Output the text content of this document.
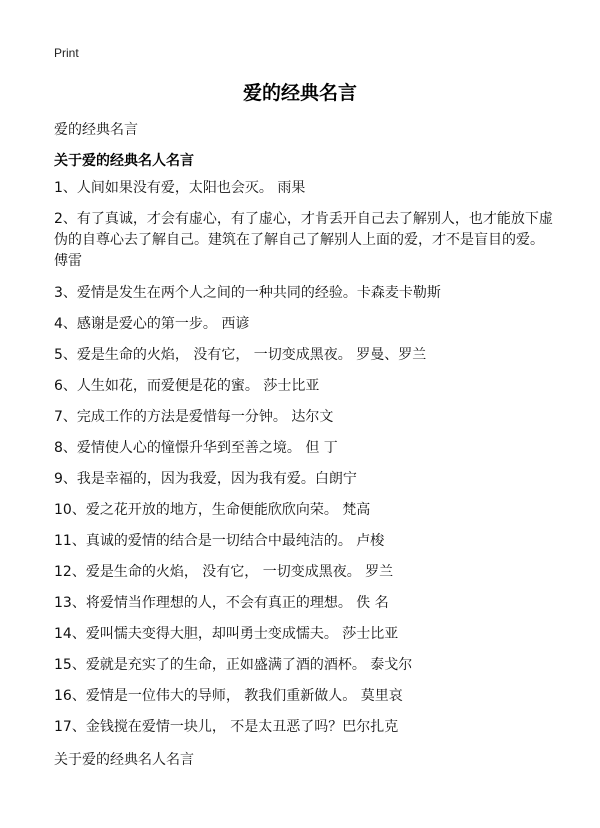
Print
爱的经典名言
爱的经典名言
关于爱的经典名人名言
1、人间如果没有爱，太阳也会灭。 雨果
2、有了真诚，才会有虚心，有了虚心，才肯丢开自己去了解别人，也才能放下虚伪的自尊心去了解自己。建筑在了解自己了解别人上面的爱，才不是盲目的爱。 傅雷
3、爱情是发生在两个人之间的一种共同的经验。卡森麦卡勒斯
4、感谢是爱心的第一步。 西谚
5、爱是生命的火焰， 没有它， 一切变成黑夜。 罗曼、罗兰
6、人生如花，而爱便是花的蜜。 莎士比亚
7、完成工作的方法是爱惜每一分钟。 达尔文
8、爱情使人心的憧憬升华到至善之境。 但 丁
9、我是幸福的，因为我爱，因为我有爱。白朗宁
10、爱之花开放的地方，生命便能欣欣向荣。 梵高
11、真诚的爱情的结合是一切结合中最纯洁的。 卢梭
12、爱是生命的火焰， 没有它， 一切变成黑夜。 罗兰
13、将爱情当作理想的人，不会有真正的理想。 佚 名
14、爱叫懦夫变得大胆，却叫勇士变成懦夫。 莎士比亚
15、爱就是充实了的生命，正如盛满了酒的酒杯。 泰戈尔
16、爱情是一位伟大的导师， 教我们重新做人。 莫里哀
17、金钱搅在爱情一块儿， 不是太丑恶了吗？巴尔扎克
关于爱的经典名人名言
